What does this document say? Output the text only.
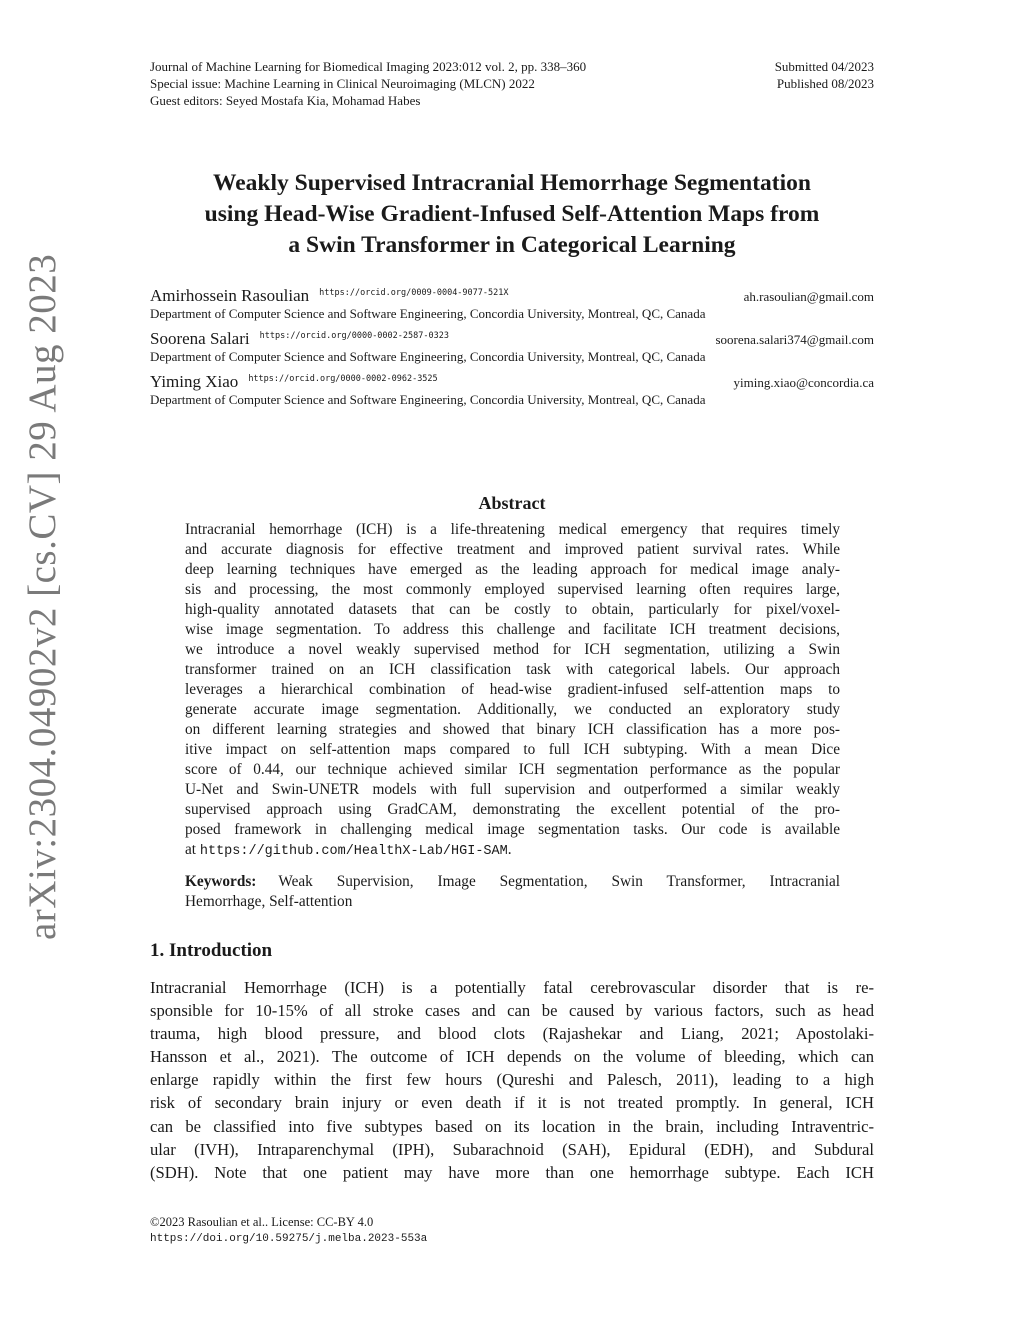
arXiv:2304.04902v2 [cs.CV] 29 Aug 2023
Journal of Machine Learning for Biomedical Imaging 2023:012 vol. 2, pp. 338–360	Submitted 04/2023
Special issue: Machine Learning in Clinical Neuroimaging (MLCN) 2022	Published 08/2023
Guest editors: Seyed Mostafa Kia, Mohamad Habes
Weakly Supervised Intracranial Hemorrhage Segmentation
using Head-Wise Gradient-Infused Self-Attention Maps from
a Swin Transformer in Categorical Learning
Amirhossein Rasoulian $^{https://orcid.org/0009-0004-9077-521X}$	ah.rasoulian@gmail.com
Department of Computer Science and Software Engineering, Concordia University, Montreal, QC, Canada
Soorena Salari $^{https://orcid.org/0000-0002-2587-0323}$	soorena.salari374@gmail.com
Department of Computer Science and Software Engineering, Concordia University, Montreal, QC, Canada
Yiming Xiao $^{https://orcid.org/0000-0002-0962-3525}$	yiming.xiao@concordia.ca
Department of Computer Science and Software Engineering, Concordia University, Montreal, QC, Canada
Abstract
Intracranial hemorrhage (ICH) is a life-threatening medical emergency that requires timely
and accurate diagnosis for effective treatment and improved patient survival rates. While
deep learning techniques have emerged as the leading approach for medical image analy-
sis and processing, the most commonly employed supervised learning often requires large,
high-quality annotated datasets that can be costly to obtain, particularly for pixel/voxel-
wise image segmentation. To address this challenge and facilitate ICH treatment decisions,
we introduce a novel weakly supervised method for ICH segmentation, utilizing a Swin
transformer trained on an ICH classification task with categorical labels. Our approach
leverages a hierarchical combination of head-wise gradient-infused self-attention maps to
generate accurate image segmentation. Additionally, we conducted an exploratory study
on different learning strategies and showed that binary ICH classification has a more pos-
itive impact on self-attention maps compared to full ICH subtyping. With a mean Dice
score of 0.44, our technique achieved similar ICH segmentation performance as the popular
U-Net and Swin-UNETR models with full supervision and outperformed a similar weakly
supervised approach using GradCAM, demonstrating the excellent potential of the pro-
posed framework in challenging medical image segmentation tasks. Our code is available
at https://github.com/HealthX-Lab/HGI-SAM.
Keywords: Weak Supervision, Image Segmentation, Swin Transformer, Intracranial
Hemorrhage, Self-attention
1. Introduction
Intracranial Hemorrhage (ICH) is a potentially fatal cerebrovascular disorder that is re-
sponsible for 10-15% of all stroke cases and can be caused by various factors, such as head
trauma, high blood pressure, and blood clots (Rajashekar and Liang, 2021; Apostolaki-
Hansson et al., 2021). The outcome of ICH depends on the volume of bleeding, which can
enlarge rapidly within the first few hours (Qureshi and Palesch, 2011), leading to a high
risk of secondary brain injury or even death if it is not treated promptly. In general, ICH
can be classified into five subtypes based on its location in the brain, including Intraventric-
ular (IVH), Intraparenchymal (IPH), Subarachnoid (SAH), Epidural (EDH), and Subdural
(SDH). Note that one patient may have more than one hemorrhage subtype. Each ICH
©2023 Rasoulian et al.. License: CC-BY 4.0
https://doi.org/10.59275/j.melba.2023-553a
